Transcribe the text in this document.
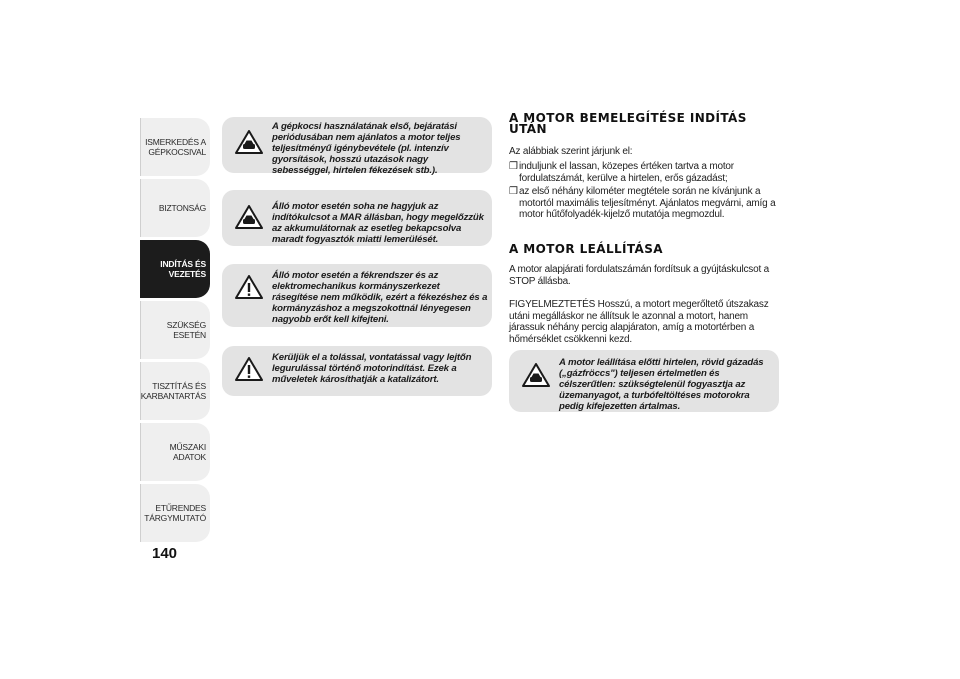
ISMERKEDÉS A
GÉPKOCSIVAL
BIZTONSÁG
INDÍTÁS ÉS
VEZETÉS
SZÜKSÉG ESETÉN
TISZTÍTÁS ÉS
KARBANTARTÁS
MŰSZAKI ADATOK
ETŰRENDES
TÁRGYMUTATÓ
140
A gépkocsi használatának első, bejáratási periódusában nem ajánlatos a motor teljes teljesítményű igénybevétele (pl. intenzív gyorsítások, hosszú utazások nagy sebességgel, hirtelen fékezések stb.).
Álló motor esetén soha ne hagyjuk az indítókulcsot a MAR állásban, hogy megelőzzük az akkumulátornak az esetleg bekapcsolva maradt fogyasztók miatti lemerülését.
Álló motor esetén a fékrendszer és az elektromechanikus kormányszerkezet rásegítése nem működik, ezért a fékezéshez és a kormányzáshoz a megszokottnál lényegesen nagyobb erőt kell kifejteni.
Kerüljük el a tolással, vontatással vagy lejtőn legurulással történő motorindítást. Ezek a műveletek károsíthatják a katalizátort.
A MOTOR BEMELEGÍTÉSE INDÍTÁS UTÁN
Az alábbiak szerint járjunk el:
❒ induljunk el lassan, közepes értéken tartva a motor fordulatszámát, kerülve a hirtelen, erős gázadást;
❒ az első néhány kilométer megtétele során ne kívánjunk a motortól maximális teljesítményt. Ajánlatos megvárni, amíg a motor hűtőfolyadék-kijelző mutatója megmozdul.
A MOTOR LEÁLLÍTÁSA
A motor alapjárati fordulatszámán fordítsuk a gyújtáskulcsot a STOP állásba.
FIGYELMEZTETÉS Hosszú, a motort megerőltető útszakasz utáni megálláskor ne állítsuk le azonnal a motort, hanem járassuk néhány percig alapjáraton, amíg a motortérben a hőmérséklet csökkenni kezd.
A motor leállítása előtti hirtelen, rövid gázadás („gázfröccs") teljesen értelmetlen és célszerűtlen: szükségtelenül fogyasztja az üzemanyagot, a turbófeltöltéses motorokra pedig kifejezetten ártalmas.
